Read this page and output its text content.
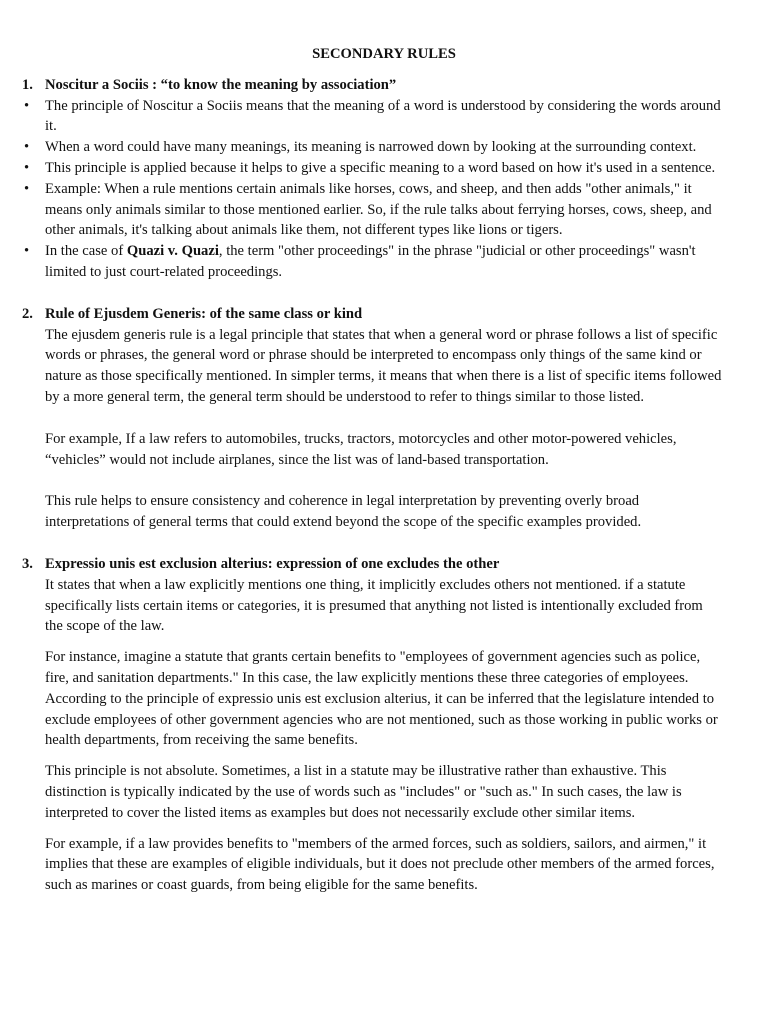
SECONDARY RULES
1. Noscitur a Sociis : “to know the meaning by association”
• The principle of Noscitur a Sociis means that the meaning of a word is understood by considering the words around it.
• When a word could have many meanings, its meaning is narrowed down by looking at the surrounding context.
• This principle is applied because it helps to give a specific meaning to a word based on how it's used in a sentence.
• Example: When a rule mentions certain animals like horses, cows, and sheep, and then adds "other animals," it means only animals similar to those mentioned earlier. So, if the rule talks about ferrying horses, cows, sheep, and other animals, it's talking about animals like them, not different types like lions or tigers.
• In the case of Quazi v. Quazi, the term "other proceedings" in the phrase "judicial or other proceedings" wasn't limited to just court-related proceedings.
2. Rule of Ejusdem Generis: of the same class or kind

The ejusdem generis rule is a legal principle that states that when a general word or phrase follows a list of specific words or phrases, the general word or phrase should be interpreted to encompass only things of the same kind or nature as those specifically mentioned. In simpler terms, it means that when there is a list of specific items followed by a more general term, the general term should be understood to refer to things similar to those listed.

For example, If a law refers to automobiles, trucks, tractors, motorcycles and other motor-powered vehicles, “vehicles” would not include airplanes, since the list was of land-based transportation.

This rule helps to ensure consistency and coherence in legal interpretation by preventing overly broad interpretations of general terms that could extend beyond the scope of the specific examples provided.

3. Expressio unis est exclusion alterius: expression of one excludes the other

It states that when a law explicitly mentions one thing, it implicitly excludes others not mentioned. if a statute specifically lists certain items or categories, it is presumed that anything not listed is intentionally excluded from the scope of the law.

For instance, imagine a statute that grants certain benefits to "employees of government agencies such as police, fire, and sanitation departments." In this case, the law explicitly mentions these three categories of employees. According to the principle of expressio unis est exclusion alterius, it can be inferred that the legislature intended to exclude employees of other government agencies who are not mentioned, such as those working in public works or health departments, from receiving the same benefits.

This principle is not absolute. Sometimes, a list in a statute may be illustrative rather than exhaustive. This distinction is typically indicated by the use of words such as "includes" or "such as." In such cases, the law is interpreted to cover the listed items as examples but does not necessarily exclude other similar items.

For example, if a law provides benefits to "members of the armed forces, such as soldiers, sailors, and airmen," it implies that these are examples of eligible individuals, but it does not preclude other members of the armed forces, such as marines or coast guards, from being eligible for the same benefits.
